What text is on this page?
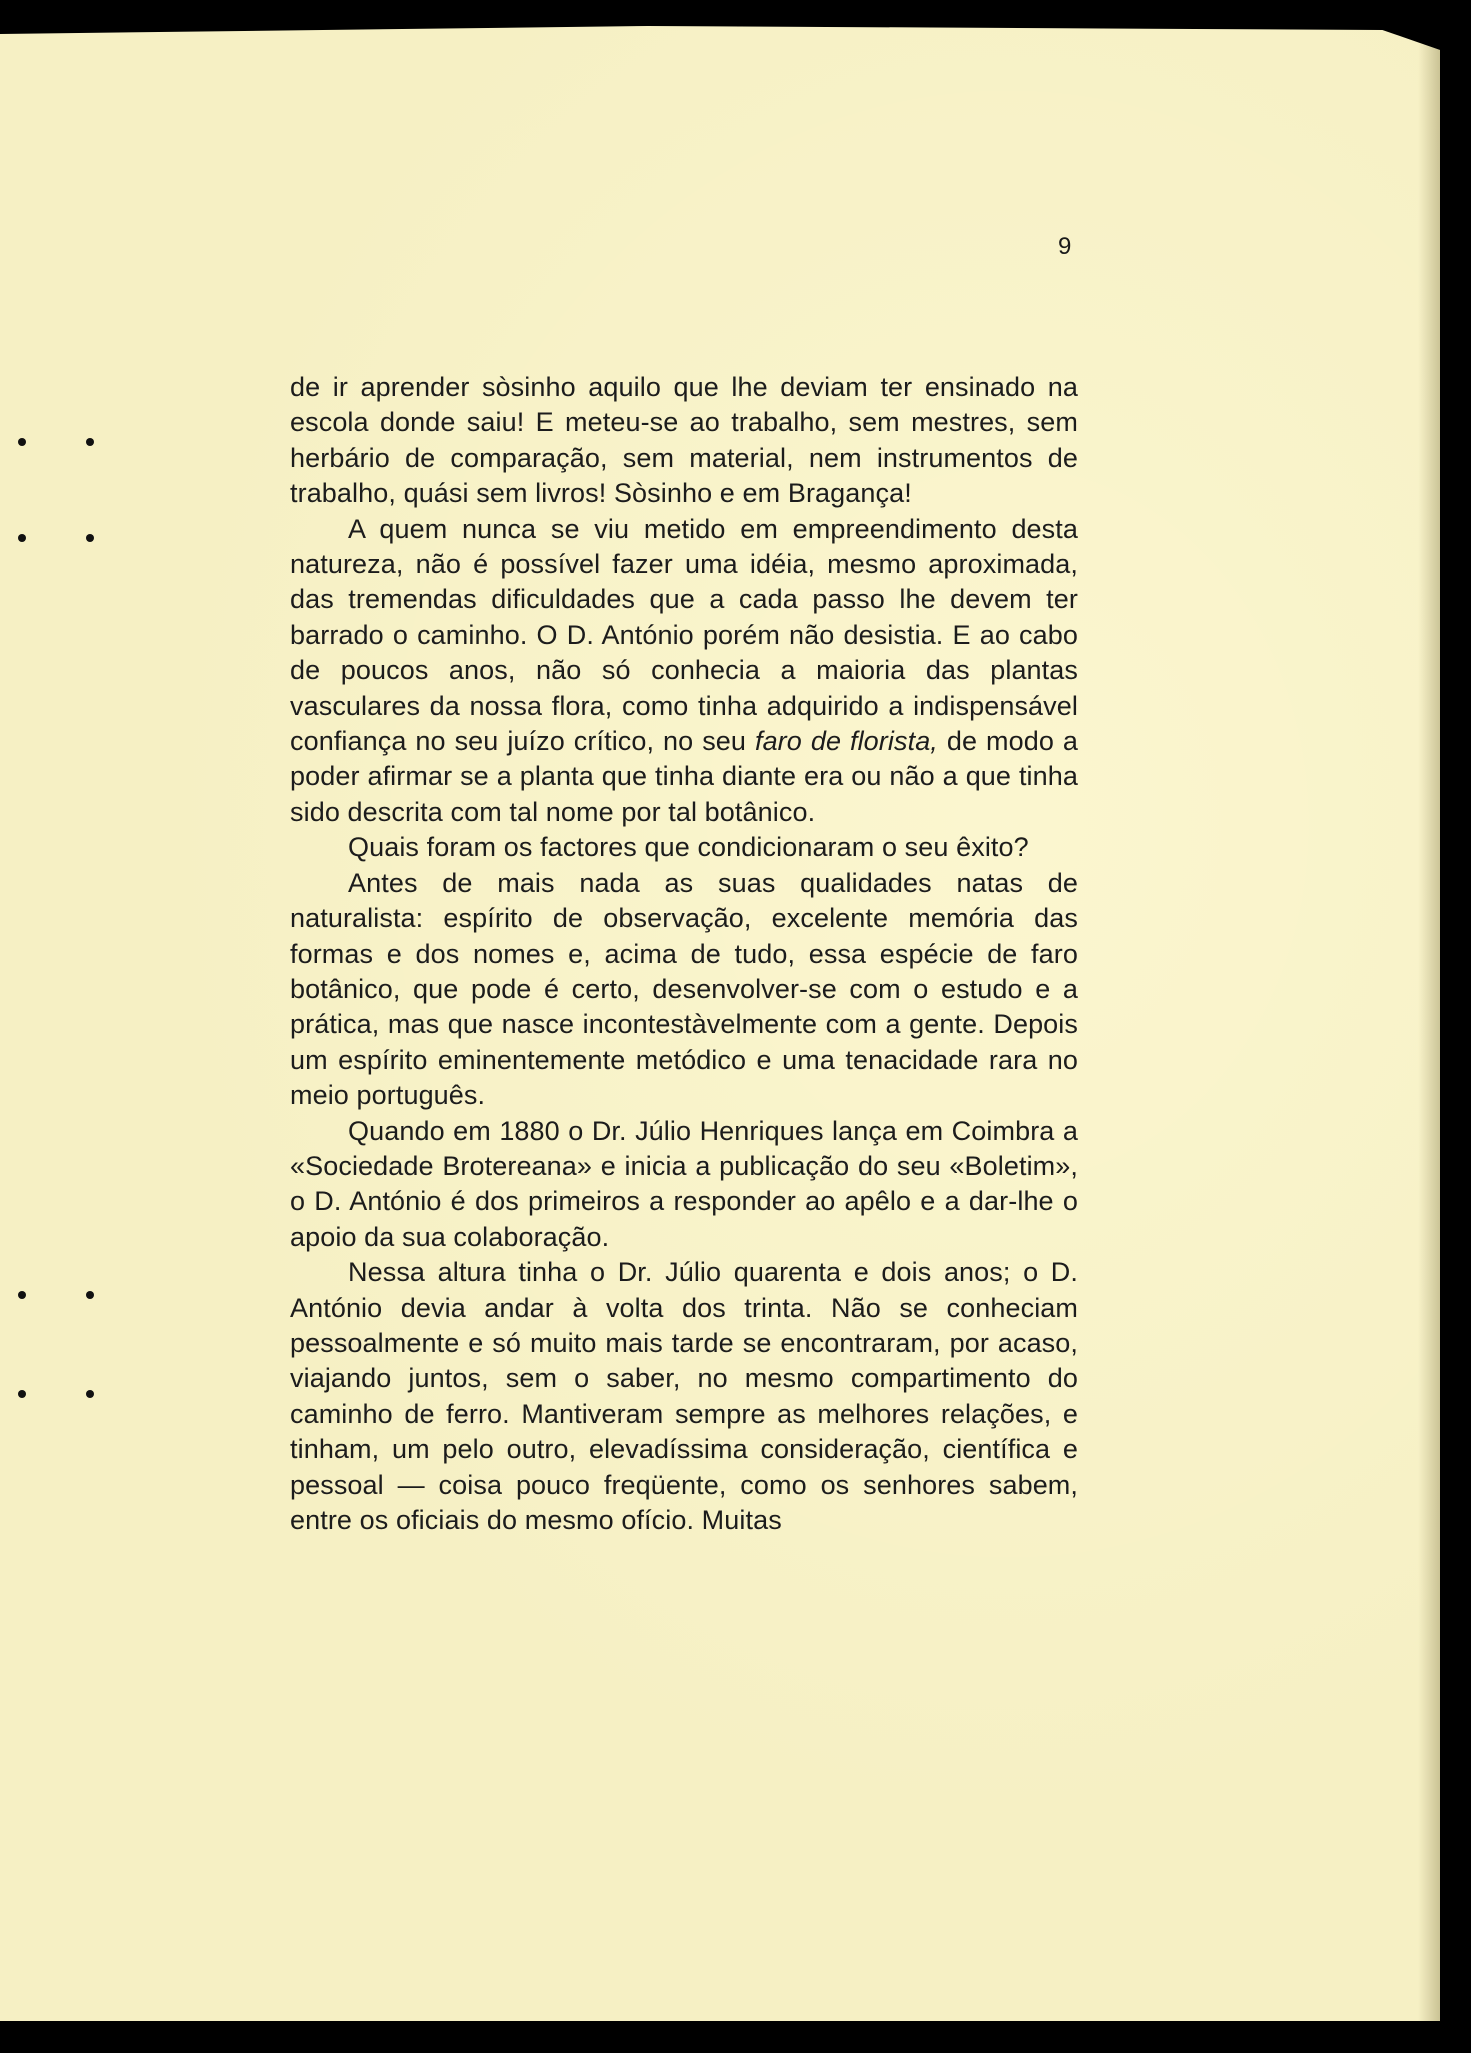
9

de ir aprender sòsinho aquilo que lhe deviam ter ensinado na escola donde saiu! E meteu-se ao trabalho, sem mestres, sem herbário de comparação, sem material, nem instrumentos de trabalho, quási sem livros! Sòsinho e em Bragança!

A quem nunca se viu metido em empreendimento desta natureza, não é possível fazer uma idéia, mesmo aproximada, das tremendas dificuldades que a cada passo lhe devem ter barrado o caminho. O D. António porém não desistia. E ao cabo de poucos anos, não só conhecia a maioria das plantas vasculares da nossa flora, como tinha adquirido a indispensável confiança no seu juízo crítico, no seu faro de florista, de modo a poder afirmar se a planta que tinha diante era ou não a que tinha sido descrita com tal nome por tal botânico.

Quais foram os factores que condicionaram o seu êxito?

Antes de mais nada as suas qualidades natas de naturalista: espírito de observação, excelente memória das formas e dos nomes e, acima de tudo, essa espécie de faro botânico, que pode é certo, desenvolver-se com o estudo e a prática, mas que nasce incontestàvelmente com a gente. Depois um espírito eminentemente metódico e uma tenacidade rara no meio português.

Quando em 1880 o Dr. Júlio Henriques lança em Coimbra a «Sociedade Brotereana» e inicia a publicação do seu «Boletim», o D. António é dos primeiros a responder ao apêlo e a dar-lhe o apoio da sua colaboração.

Nessa altura tinha o Dr. Júlio quarenta e dois anos; o D. António devia andar à volta dos trinta. Não se conheciam pessoalmente e só muito mais tarde se encontraram, por acaso, viajando juntos, sem o saber, no mesmo compartimento do caminho de ferro. Mantiveram sempre as melhores relações, e tinham, um pelo outro, elevadíssima consideração, científica e pessoal — coisa pouco freqüente, como os senhores sabem, entre os oficiais do mesmo ofício. Muitas
